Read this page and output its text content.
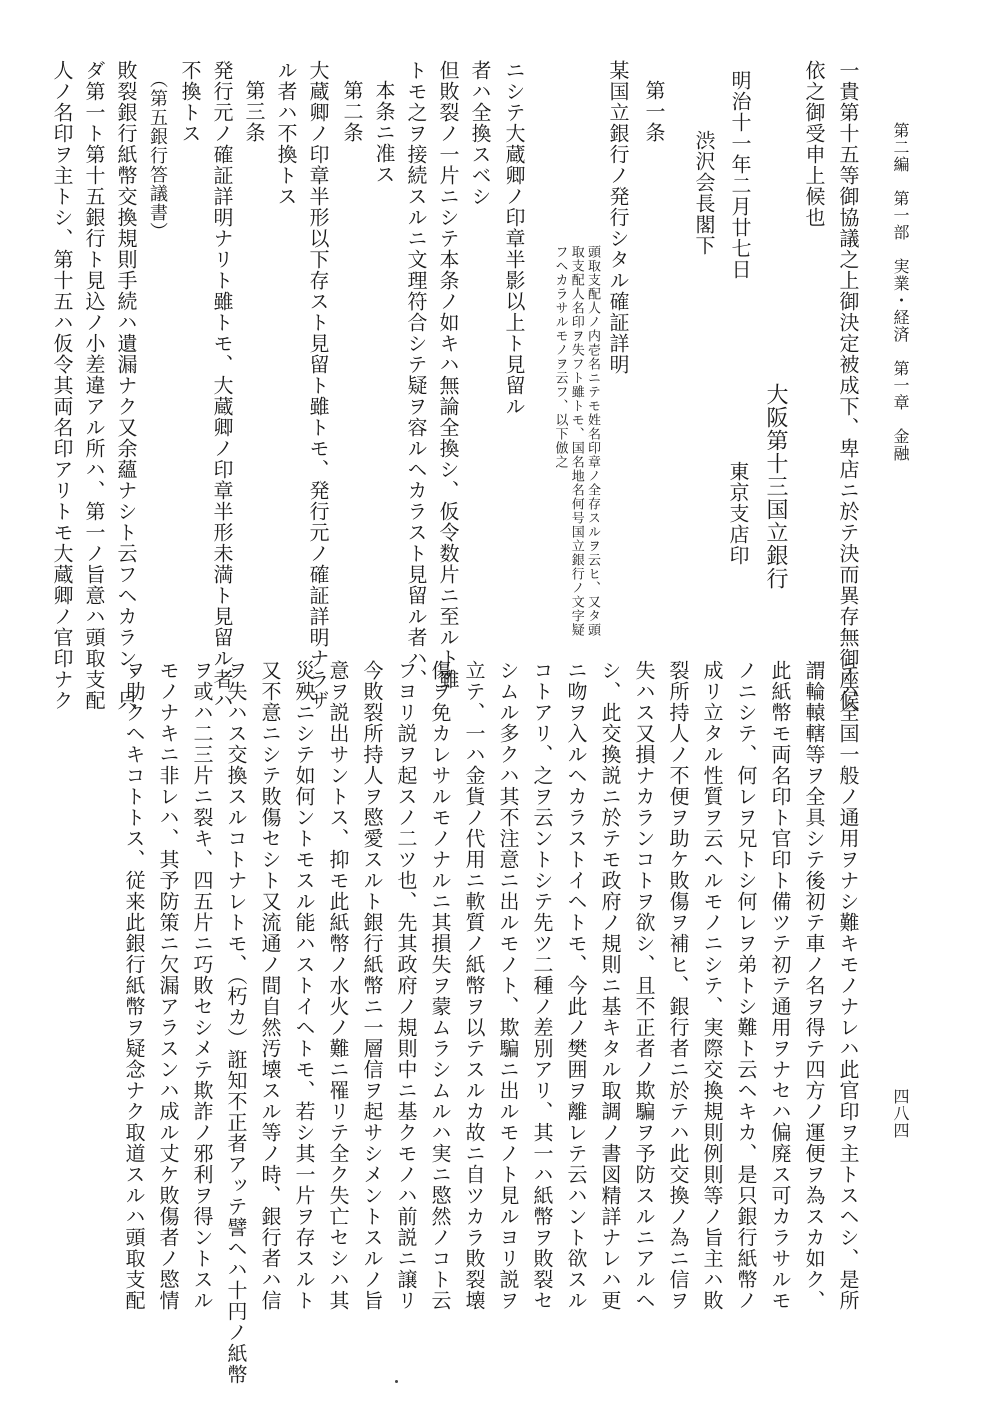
第二編　第一部　実業・経済　第一章　金融
四八四
一貴第十五等御協議之上御決定被成下、卑店ニ於テ決而異存無御座候
依之御受申上候也
明治十一年二月廿七日
　大阪第十三国立銀行
渋沢会長閣下
　東京支店印
第一条
某国立銀行ノ発行シタル確証詳明
頭取支配人ノ内壱名ニテモ姓名印章ノ全存スルヲ云ヒ、又タ頭取支配人名印ヲ失フト雖トモ、国名地名何号国立銀行ノ文字疑フヘカラサルモノヲ云フ、以下倣之
ニシテ大蔵卿ノ印章半影以上ト見留ル
者ハ全換スベシ
但敗裂ノ一片ニシテ本条ノ如キハ無論全換シ、仮令数片ニ至ルト雖
トモ之ヲ接続スルニ文理符合シテ疑ヲ容ルヘカラスト見留ル者ハ、
本条ニ准ス
第二条
大蔵卿ノ印章半形以下存スト見留ト雖トモ、発行元ノ確証詳明ナラザ
ル者ハ不換トス
第三条
発行元ノ確証詳明ナリト雖トモ、大蔵卿ノ印章半形未満ト見留ル者ハ
不換トス
（第五銀行答議書）
敗裂銀行紙幣交換規則手続ハ遺漏ナク又余蘊ナシト云フヘカラン、只
ダ第一ト第十五銀行ト見込ノ小差違アル所ハ、第一ノ旨意ハ頭取支配
人ノ名印ヲ主トシ、第十五ハ仮令其両名印アリトモ大蔵卿ノ官印ナク
テハ全国一般ノ通用ヲナシ難キモノナレハ此官印ヲ主トスヘシ、是所
謂輪轅轄等ヲ全具シテ後初テ車ノ名ヲ得テ四方ノ運便ヲ為スカ如ク、
此紙幣モ両名印ト官印ト備ツテ初テ通用ヲナセハ偏廃ス可カラサルモ
ノニシテ、何レヲ兄トシ何レヲ弟トシ難ト云ヘキカ、是只銀行紙幣ノ
成リ立タル性質ヲ云ヘルモノニシテ、実際交換規則例則等ノ旨主ハ敗
裂所持人ノ不便ヲ助ケ敗傷ヲ補ヒ、銀行者ニ於テハ此交換ノ為ニ信ヲ
失ハス又損ナカランコトヲ欲シ、且不正者ノ欺騙ヲ予防スルニアルヘ
シ、此交換説ニ於テモ政府ノ規則ニ基キタル取調ノ書図精詳ナレハ更
ニ吻ヲ入ルヘカラストイヘトモ、今此ノ樊囲ヲ離レテ云ハント欲スル
コトアリ、之ヲ云ントシテ先ツ二種ノ差別アリ、其一ハ紙幣ヲ敗裂セ
シムル多クハ其不注意ニ出ルモノト、欺騙ニ出ルモノト見ルヨリ説ヲ
立テ、一ハ金貨ノ代用ニ軟質ノ紙幣ヲ以テスルカ故ニ自ツカラ敗裂壊
傷ヲ免カレサルモノナルニ其損失ヲ蒙ムラシムルハ実ニ愍然ノコト云
フヨリ説ヲ起スノ二ツ也、先其政府ノ規則中ニ基クモノハ前説ニ譲リ
今敗裂所持人ヲ愍愛スルト銀行紙幣ニ一層信ヲ起サシメントスルノ旨
意ヲ説出サントス、抑モ此紙幣ノ水火ノ難ニ罹リテ全ク失亡セシハ其
災殃ニシテ如何ントモスル能ハストイヘトモ、若シ其一片ヲ存スルト
又不意ニシテ敗傷セシト又流通ノ間自然汚壊スル等ノ時、銀行者ハ信
ヲ失ハス交換スルコトナレトモ、（朽カ）誑知不正者アッテ譬ヘハ十円ノ紙幣
ヲ或ハ二三片ニ裂キ、四五片ニ巧敗セシメテ欺詐ノ邪利ヲ得ントスル
モノナキニ非レハ、其予防策ニ欠漏アラスンハ成ル丈ケ敗傷者ノ愍情
ヲ助クヘキコトトス、従来此銀行紙幣ヲ疑念ナク取道スルハ頭取支配
